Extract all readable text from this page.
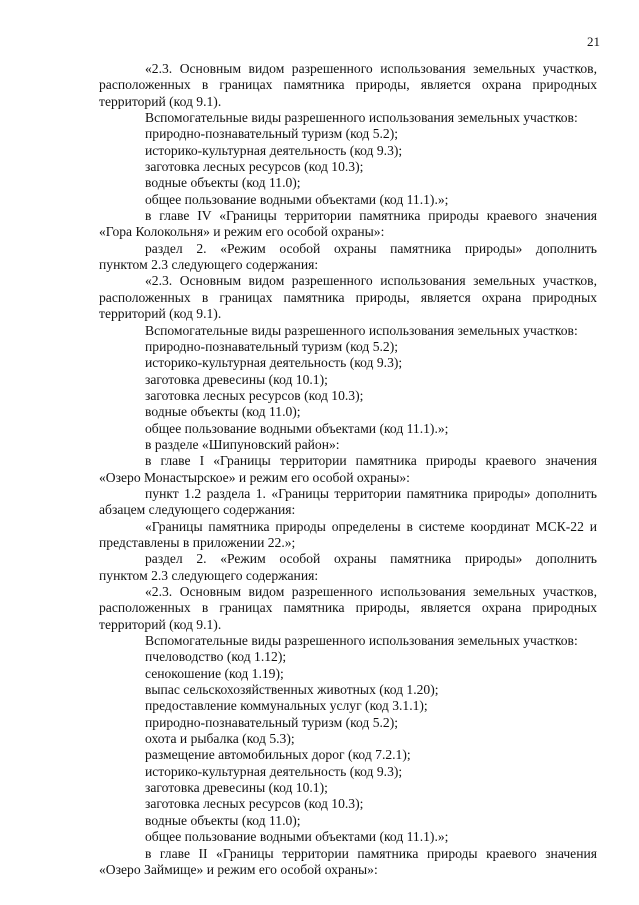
21
«2.3. Основным видом разрешенного использования земельных участков,
расположенных в границах памятника природы, является охрана природных
территорий (код 9.1).
Вспомогательные виды разрешенного использования земельных участков:
природно-познавательный туризм (код 5.2);
историко-культурная деятельность (код 9.3);
заготовка лесных ресурсов (код 10.3);
водные объекты (код 11.0);
общее пользование водными объектами (код 11.1).»;
в главе IV «Границы территории памятника природы краевого значения
«Гора Колокольня» и режим его особой охраны»:
раздел 2. «Режим особой охраны памятника природы» дополнить
пунктом 2.3 следующего содержания:
«2.3. Основным видом разрешенного использования земельных участков,
расположенных в границах памятника природы, является охрана природных
территорий (код 9.1).
Вспомогательные виды разрешенного использования земельных участков:
природно-познавательный туризм (код 5.2);
историко-культурная деятельность (код 9.3);
заготовка древесины (код 10.1);
заготовка лесных ресурсов (код 10.3);
водные объекты (код 11.0);
общее пользование водными объектами (код 11.1).»;
в разделе «Шипуновский район»:
в главе I «Границы территории памятника природы краевого значения
«Озеро Монастырское» и режим его особой охраны»:
пункт 1.2 раздела 1. «Границы территории памятника природы» дополнить
абзацем следующего содержания:
«Границы памятника природы определены в системе координат МСК-22 и
представлены в приложении 22.»;
раздел 2. «Режим особой охраны памятника природы» дополнить
пунктом 2.3 следующего содержания:
«2.3. Основным видом разрешенного использования земельных участков,
расположенных в границах памятника природы, является охрана природных
территорий (код 9.1).
Вспомогательные виды разрешенного использования земельных участков:
пчеловодство (код 1.12);
сенокошение (код 1.19);
выпас сельскохозяйственных животных (код 1.20);
предоставление коммунальных услуг (код 3.1.1);
природно-познавательный туризм (код 5.2);
охота и рыбалка (код 5.3);
размещение автомобильных дорог (код 7.2.1);
историко-культурная деятельность (код 9.3);
заготовка древесины (код 10.1);
заготовка лесных ресурсов (код 10.3);
водные объекты (код 11.0);
общее пользование водными объектами (код 11.1).»;
в главе II «Границы территории памятника природы краевого значения
«Озеро Займище» и режим его особой охраны»:
